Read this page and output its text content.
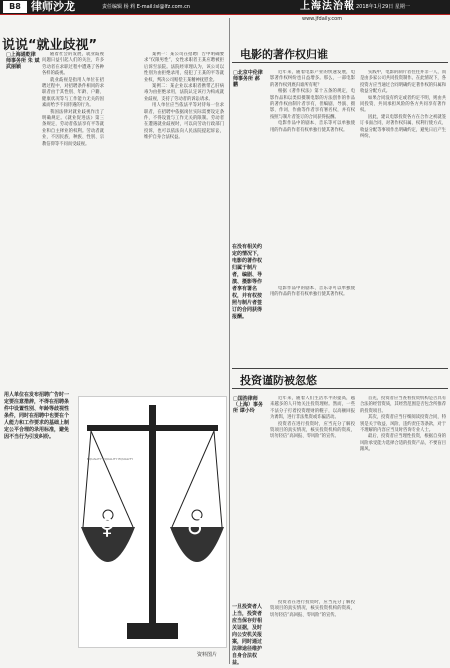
B8 律师沙龙	责任编辑 杨 莉 E-mail:lsl@lfz.com.cn	上海法治報 2018年1月29日 星期一
www.jfdaily.com
说说“就业歧视”
□上海通乾律师事务所 朱 斌 武丽颖
随着社会的发展，就业歧视问题日益引起人们的关注，许多劳动者在求职过程中遭遇了各种各样的歧视。
就业歧视是指用人单位在招聘过程中，对招聘条件相同的求职者由于其性别、年龄、户籍、健康状况等与工作能力无关的因素而给予不同待遇的行为。
我国法律对就业歧视作出了明确规定。《就业促进法》第三条规定，劳动者依法享有平等就业和自主择业的权利。劳动者就业，不因民族、种族、性别、宗教信仰等不同而受歧视。
案例一：某公司在招聘广告中明确要求“仅限男性”，女性求职者王某应聘被拒后诉至法院。法院经审理认为，该公司以性别为由拒绝录用，侵犯了王某的平等就业权，判决公司赔偿王某精神抚慰金。
案例二：某企业以求职者携带乙肝病毒为由拒绝录用，法院认定该行为构成就业歧视，支持了劳动者的诉讼请求。
用人单位应当依法平等对待每一位求职者，在招聘中依据岗位实际需要设定条件，不得设置与工作无关的限制。劳动者在遭遇就业歧视时，可以向劳动行政部门投诉，也可以依法向人民法院提起诉讼，维护自身合法权益。
用人单位在发布招聘广告时一定要注意措辞，不得在招聘条件中设置性别、年龄等歧视性条件，同时在招聘中也要在个人能力和工作要求的基础上制定公平合理的录用标准，避免因不当行为引发纠纷。
♀	♂
EQUALITY EQUALITY EQUALITY
资料图片
电影的著作权归谁
□北京中伦律师事务所 郝 鹏
近年来，随着电影产业的快速发展，电影著作权纠纷也日益增多。那么，一部电影的著作权到底归谁所有呢？
根据《著作权法》第十五条的规定，电影作品和以类似摄制电影的方法创作的作品的著作权由制片者享有，但编剧、导演、摄影、作词、作曲等作者享有署名权，并有权按照与制片者签订的合同获得报酬。
电影作品中的剧本、音乐等可以单独使用的作品的作者有权单独行使其著作权。
实践中，电影的制片者往往并非一人，而是由多家公司共同投资制作。在此情况下，各投资方应当通过合同明确约定著作权的归属和收益分配方式。
如果合同没有约定或者约定不明，则由共同投资、共同承担风险的各方共同享有著作权。
因此，建议电影投资各方在合作之初就签订书面合同，对著作权归属、权利行使方式、收益分配等事项作出明确约定，避免日后产生纠纷。
在没有相关约定的情况下，电影的著作权归属于制片者，编剧、导演、摄影等作者享有署名权，并有权按照与制片者签订的合同获得报酬。
电影作品中的剧本、音乐等可以单独使用的作品的作者有权单独行使其著作权。
投资谨防被忽悠
□国浩律师（上海）事务所 谭小玲
近年来，随着人们生活水平的提高，越来越多的人开始关注投资理财。然而，一些不法分子打着投资理财的幌子，以高额回报为诱饵，进行非法集资或诈骗活动。
投资者在进行投资时，应当充分了解投资项目的真实情况，核实投资机构的资质，切勿轻信“高回报、零风险”的宣传。
首先，投资者应当查看投资机构是否具有合法的经营资质，其经营范围是否包含所推荐的投资项目。
其次，投资者应当仔细阅读投资合同，特别是关于收益、风险、违约责任等条款，对于不理解的内容应当及时咨询专业人士。
最后，投资者应当理性投资，根据自身的风险承受能力选择合适的投资产品，不要盲目跟风。
一旦投资者人上当，投资者应当保存好相关证据，及时向公安机关报案，同时通过法律途径维护自身合法权益。
投资者在进行投资时，应当充分了解投资项目的真实情况，核实投资机构的资质，切勿轻信“高回报、零风险”的宣传。
